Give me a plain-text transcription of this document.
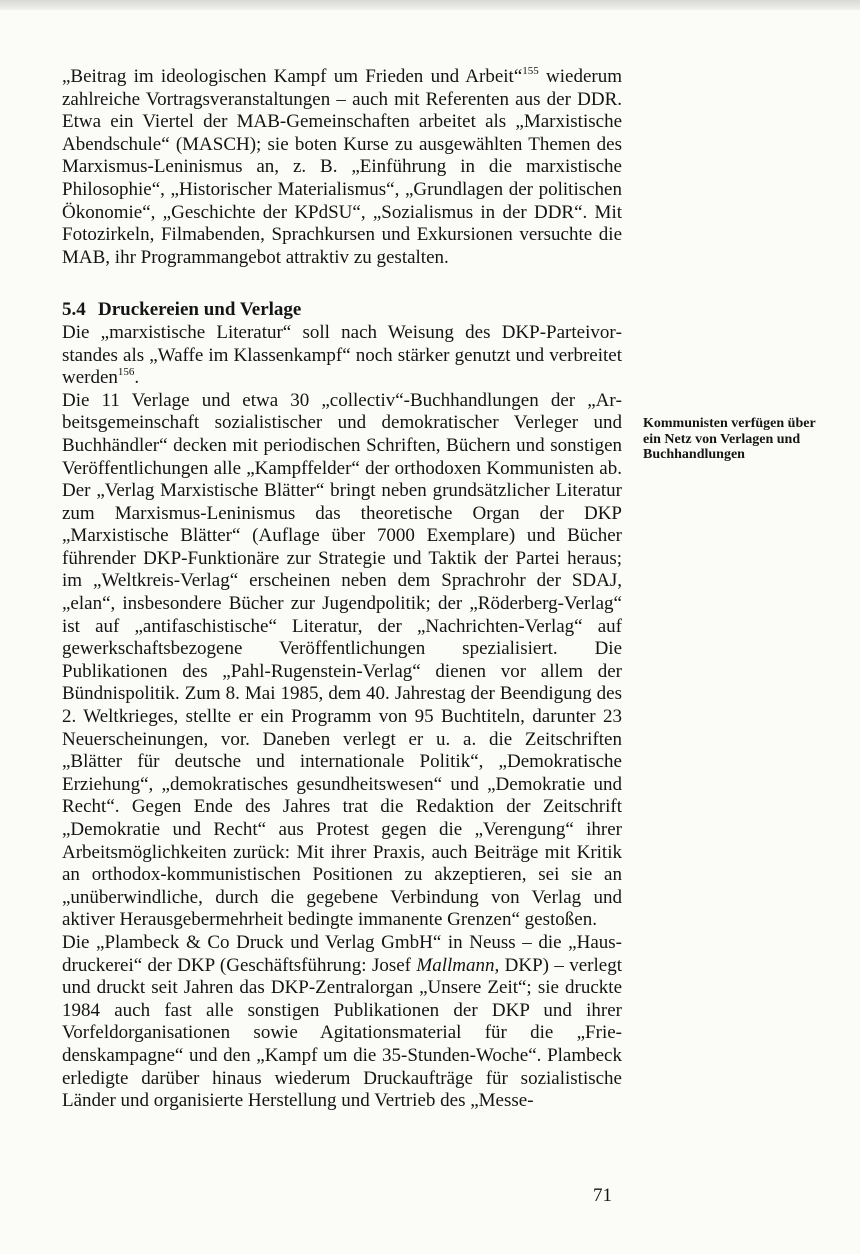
„Beitrag im ideologischen Kampf um Frieden und Arbeit“$^{155}$ wiederum zahlreiche Vortragsveranstaltungen – auch mit Referenten aus der DDR. Etwa ein Viertel der MAB-Gemeinschaften arbeitet als „Marxistische Abendschule“ (MASCH); sie boten Kurse zu ausgewählten Themen des Marxismus-Leninismus an, z. B. „Einführung in die marxistische Philosophie“, „Historischer Materialismus“, „Grundlagen der politischen Ökonomie“, „Geschichte der KPdSU“, „Sozialismus in der DDR“. Mit Fotozirkeln, Filmabenden, Sprachkursen und Exkursionen versuchte die MAB, ihr Programmangebot attraktiv zu gestalten.

5.4 Druckereien und Verlage

Die „marxistische Literatur“ soll nach Weisung des DKP-Parteivorstandes als „Waffe im Klassenkampf“ noch stärker genutzt und verbreitet werden$^{156}$.

Die 11 Verlage und etwa 30 „collectiv“-Buchhandlungen der „Arbeitsgemeinschaft sozialistischer und demokratischer Verleger und Buchhändler“ decken mit periodischen Schriften, Büchern und sonstigen Veröffentlichungen alle „Kampffelder“ der orthodoxen Kommunisten ab. Der „Verlag Marxistische Blätter“ bringt neben grundsätzlicher Literatur zum Marxismus-Leninismus das theoretische Organ der DKP „Marxistische Blätter“ (Auflage über 7000 Exemplare) und Bücher führender DKP-Funktionäre zur Strategie und Taktik der Partei heraus; im „Weltkreis-Verlag“ erscheinen neben dem Sprachrohr der SDAJ, „elan“, insbesondere Bücher zur Jugendpolitik; der „Röderberg-Verlag“ ist auf „antifaschistische“ Literatur, der „Nachrichten-Verlag“ auf gewerkschaftsbezogene Veröffentlichungen spezialisiert. Die Publikationen des „Pahl-Rugenstein-Verlag“ dienen vor allem der Bündnispolitik. Zum 8. Mai 1985, dem 40. Jahrestag der Beendigung des 2. Weltkrieges, stellte er ein Programm von 95 Buchtiteln, darunter 23 Neuerscheinungen, vor. Daneben verlegt er u. a. die Zeitschriften „Blätter für deutsche und internationale Politik“, „Demokratische Erziehung“, „demokratisches gesundheitswesen“ und „Demokratie und Recht“. Gegen Ende des Jahres trat die Redaktion der Zeitschrift „Demokratie und Recht“ aus Protest gegen die „Verengung“ ihrer Arbeitsmöglichkeiten zurück: Mit ihrer Praxis, auch Beiträge mit Kritik an orthodox-kommunistischen Positionen zu akzeptieren, sei sie an „unüberwindliche, durch die gegebene Verbindung von Verlag und aktiver Herausgebermehrheit bedingte immanente Grenzen“ gestoßen.

Die „Plambeck & Co Druck und Verlag GmbH“ in Neuss – die „Hausdruckerei“ der DKP (Geschäftsführung: Josef Mallmann, DKP) – verlegt und druckt seit Jahren das DKP-Zentralorgan „Unsere Zeit“; sie druckte 1984 auch fast alle sonstigen Publikationen der DKP und ihrer Vorfeldorganisationen sowie Agitationsmaterial für die „Friedenskampagne“ und den „Kampf um die 35-Stunden-Woche“. Plambeck erledigte darüber hinaus wiederum Druckaufträge für sozialistische Länder und organisierte Herstellung und Vertrieb des „Messe-

Kommunisten verfügen über ein Netz von Verlagen und Buchhandlungen
71
